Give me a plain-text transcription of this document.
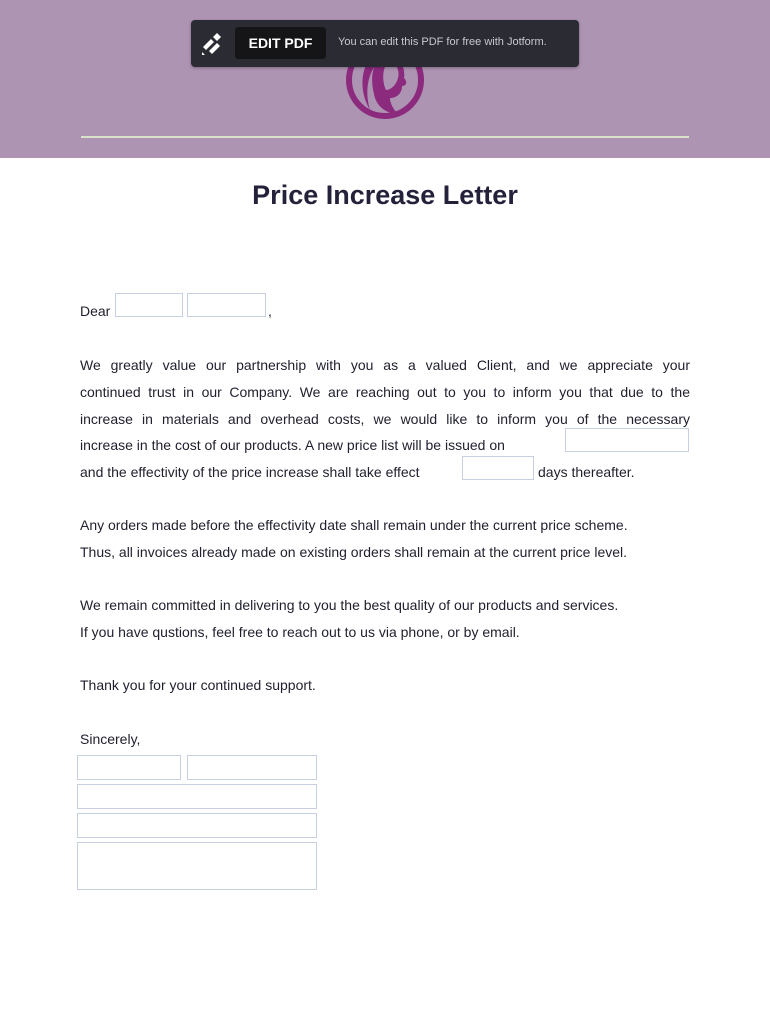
EDIT PDF	You can edit this PDF for free with Jotform.
Price Increase Letter
Dear	,
We greatly value our partnership with you as a valued Client, and we appreciate your
continued trust in our Company. We are reaching out to you to inform you that due to the
increase in materials and overhead costs, we would like to inform you of the necessary
increase in the cost of our products. A new price list will be issued on
and the effectivity of the price increase shall take effect	days thereafter.
Any orders made before the effectivity date shall remain under the current price scheme.
Thus, all invoices already made on existing orders shall remain at the current price level.
We remain committed in delivering to you the best quality of our products and services.
If you have qustions, feel free to reach out to us via phone, or by email.
Thank you for your continued support.
Sincerely,
